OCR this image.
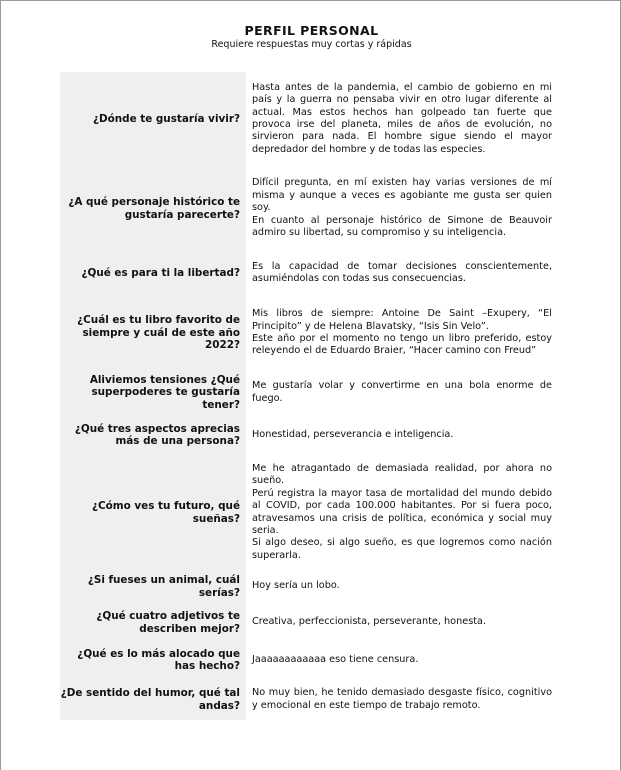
PERFIL PERSONAL
Requiere respuestas muy cortas y rápidas
¿Dónde te gustaría vivir?

Hasta antes de la pandemia, el cambio de gobierno en mi país y la guerra no pensaba vivir en otro lugar diferente al actual. Mas estos hechos han golpeado tan fuerte que provoca irse del planeta, miles de años de evolución, no sirvieron para nada. El hombre sigue siendo el mayor depredador del hombre y de todas las especies.

¿A qué personaje histórico te gustaría parecerte?

Difícil pregunta, en mí existen hay varias versiones de mí misma y aunque a veces es agobiante me gusta ser quien soy.

En cuanto al personaje histórico de Simone de Beauvoir admiro su libertad, su compromiso y su inteligencia.

¿Qué es para ti la libertad?

Es la capacidad de tomar decisiones conscientemente, asumiéndolas con todas sus consecuencias.

¿Cuál es tu libro favorito de siempre y cuál de este año 2022?

Mis libros de siempre: Antoine De Saint –Exupery, “El Principito” y de Helena Blavatsky, “Isis Sin Velo”.

Este año por el momento no tengo un libro preferido, estoy releyendo el de Eduardo Braier, “Hacer camino con Freud”

Aliviemos tensiones ¿Qué superpoderes te gustaría tener?

Me gustaría volar y convertirme en una bola enorme de fuego.

¿Qué tres aspectos aprecias más de una persona?

Honestidad, perseverancia e inteligencia.

¿Cómo ves tu futuro, qué sueñas?

Me he atragantado de demasiada realidad, por ahora no sueño.

Perú registra la mayor tasa de mortalidad del mundo debido al COVID, por cada 100.000 habitantes. Por si fuera poco, atravesamos una crisis de política, económica y social muy seria.

Si algo deseo, si algo sueño, es que logremos como nación superarla.

¿Si fueses un animal, cuál serías?

Hoy sería un lobo.

¿Qué cuatro adjetivos te describen mejor?

Creativa, perfeccionista, perseverante, honesta.

¿Qué es lo más alocado que has hecho?

Jaaaaaaaaaaaa eso tiene censura.

¿De sentido del humor, qué tal andas?

No muy bien, he tenido demasiado desgaste físico, cognitivo y emocional en este tiempo de trabajo remoto.
